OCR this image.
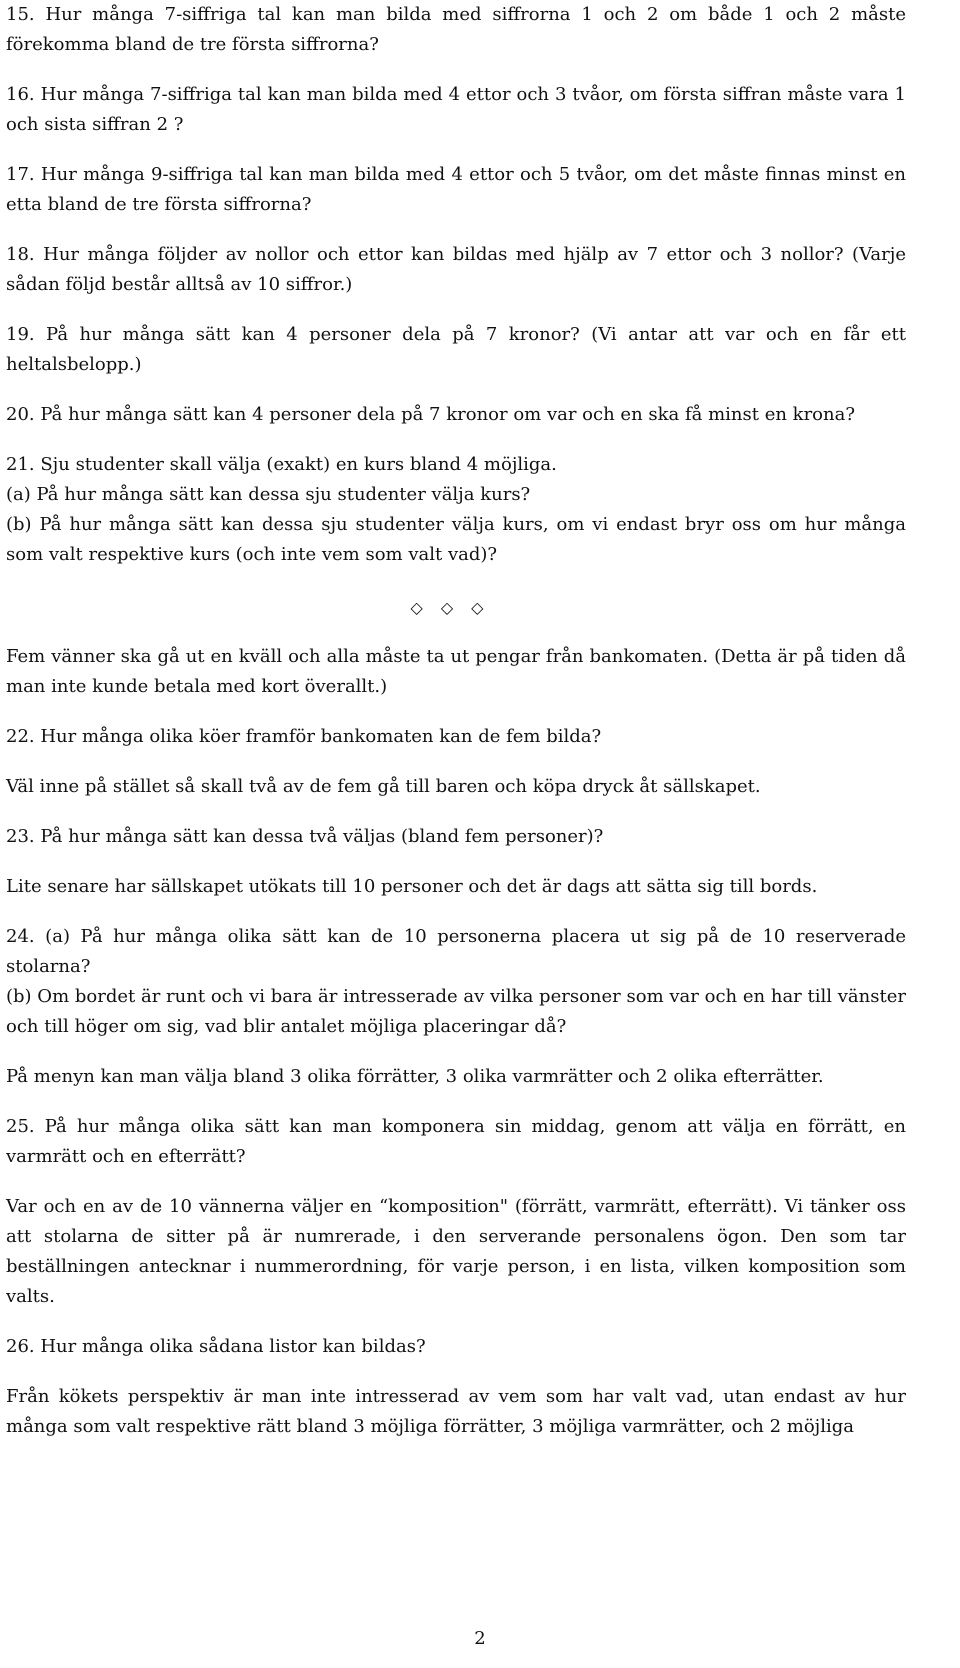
15. Hur många 7-siffriga tal kan man bilda med siffrorna 1 och 2 om både 1 och 2 måste förekomma bland de tre första siffrorna?

16. Hur många 7-siffriga tal kan man bilda med 4 ettor och 3 tvåor, om första siffran måste vara 1 och sista siffran 2 ?

17. Hur många 9-siffriga tal kan man bilda med 4 ettor och 5 tvåor, om det måste finnas minst en etta bland de tre första siffrorna?

18. Hur många följder av nollor och ettor kan bildas med hjälp av 7 ettor och 3 nollor? (Varje sådan följd består alltså av 10 siffror.)

19. På hur många sätt kan 4 personer dela på 7 kronor? (Vi antar att var och en får ett heltalsbelopp.)

20. På hur många sätt kan 4 personer dela på 7 kronor om var och en ska få minst en krona?

21. Sju studenter skall välja (exakt) en kurs bland 4 möjliga.

(a) På hur många sätt kan dessa sju studenter välja kurs?

(b) På hur många sätt kan dessa sju studenter välja kurs, om vi endast bryr oss om hur många som valt respektive kurs (och inte vem som valt vad)?

◇◇◇

Fem vänner ska gå ut en kväll och alla måste ta ut pengar från bankomaten. (Detta är på tiden då man inte kunde betala med kort överallt.)

22. Hur många olika köer framför bankomaten kan de fem bilda?

Väl inne på stället så skall två av de fem gå till baren och köpa dryck åt sällskapet.

23. På hur många sätt kan dessa två väljas (bland fem personer)?

Lite senare har sällskapet utökats till 10 personer och det är dags att sätta sig till bords.

24. (a) På hur många olika sätt kan de 10 personerna placera ut sig på de 10 reserverade stolarna?

(b) Om bordet är runt och vi bara är intresserade av vilka personer som var och en har till vänster och till höger om sig, vad blir antalet möjliga placeringar då?

På menyn kan man välja bland 3 olika förrätter, 3 olika varmrätter och 2 olika efterrätter.

25. På hur många olika sätt kan man komponera sin middag, genom att välja en förrätt, en varmrätt och en efterrätt?

Var och en av de 10 vännerna väljer en “komposition" (förrätt, varmrätt, efterrätt). Vi tänker oss att stolarna de sitter på är numrerade, i den serverande personalens ögon. Den som tar beställningen antecknar i nummerordning, för varje person, i en lista, vilken komposition som valts.

26. Hur många olika sådana listor kan bildas?

Från kökets perspektiv är man inte intresserad av vem som har valt vad, utan endast av hur många som valt respektive rätt bland 3 möjliga förrätter, 3 möjliga varmrätter, och 2 möjliga

2
